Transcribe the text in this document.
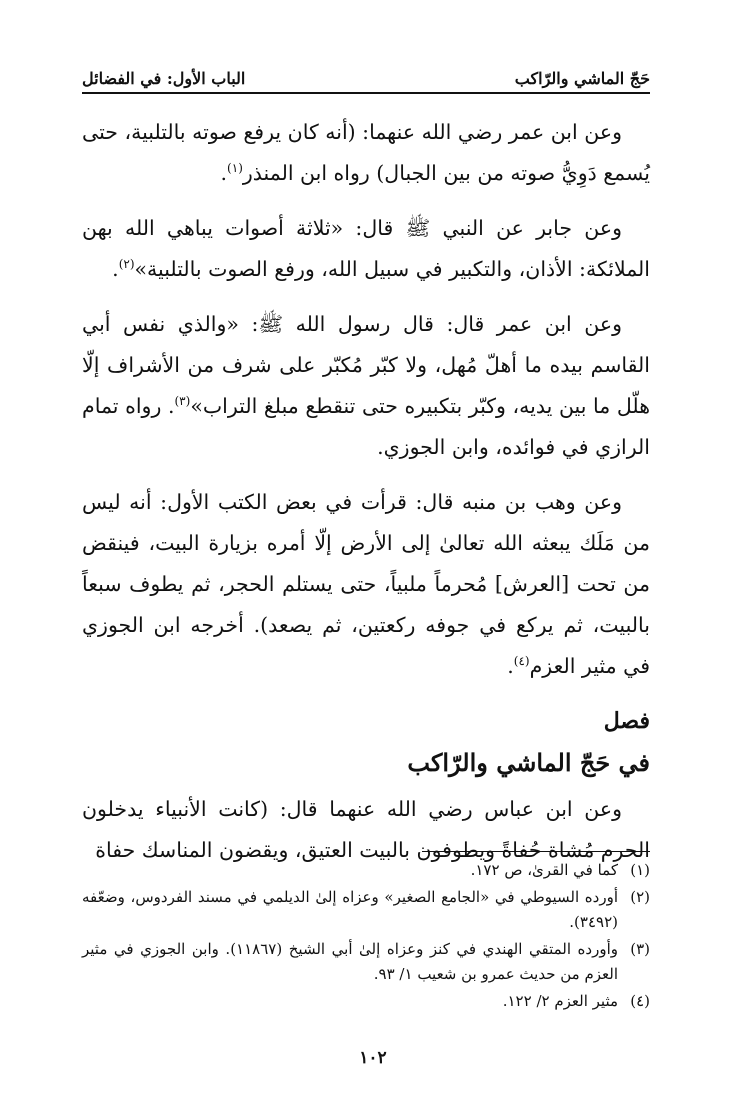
حَجّ الماشي والرّاكب
الباب الأول: في الفضائل

وعن ابن عمر رضي الله عنهما: (أنه كان يرفع صوته بالتلبية، حتى يُسمع دَوِيُّ صوته من بين الجبال) رواه ابن المنذر$^{(١)}$.

وعن جابر عن النبي ﷺ قال: «ثلاثة أصوات يباهي الله بهن الملائكة: الأذان، والتكبير في سبيل الله، ورفع الصوت بالتلبية»$^{(٢)}$.

وعن ابن عمر قال: قال رسول الله ﷺ: «والذي نفس أبي القاسم بيده ما أهلّ مُهل، ولا كبّر مُكبّر على شرف من الأشراف إلّا هلّل ما بين يديه، وكبّر بتكبيره حتى تنقطع مبلغ التراب»$^{(٣)}$. رواه تمام الرازي في فوائده، وابن الجوزي.

وعن وهب بن منبه قال: قرأت في بعض الكتب الأول: أنه ليس من مَلَك يبعثه الله تعالىٰ إلى الأرض إلّا أمره بزيارة البيت، فينقض من تحت [العرش] مُحرماً ملبياً، حتى يستلم الحجر، ثم يطوف سبعاً بالبيت، ثم يركع في جوفه ركعتين، ثم يصعد). أخرجه ابن الجوزي في مثير العزم$^{(٤)}$.

فصل
في حَجّ الماشي والرّاكب

وعن ابن عباس رضي الله عنهما قال: (كانت الأنبياء يدخلون الحرم مُشاة حُفاةً ويطوفون بالبيت العتيق، ويقضون المناسك حفاة

(١)
كما في القرىٰ، ص ١٧٢.
(٢)
أورده السيوطي في «الجامع الصغير» وعزاه إلىٰ الديلمي في مسند الفردوس، وضعّفه (٣٤٩٢).
(٣)
وأورده المتقي الهندي في كنز وعزاه إلىٰ أبي الشيخ (١١٨٦٧). وابن الجوزي في مثير العزم من حديث عمرو بن شعيب ١/ ٩٣.
(٤)
مثير العزم ٢/ ١٢٢.
١٠٢
